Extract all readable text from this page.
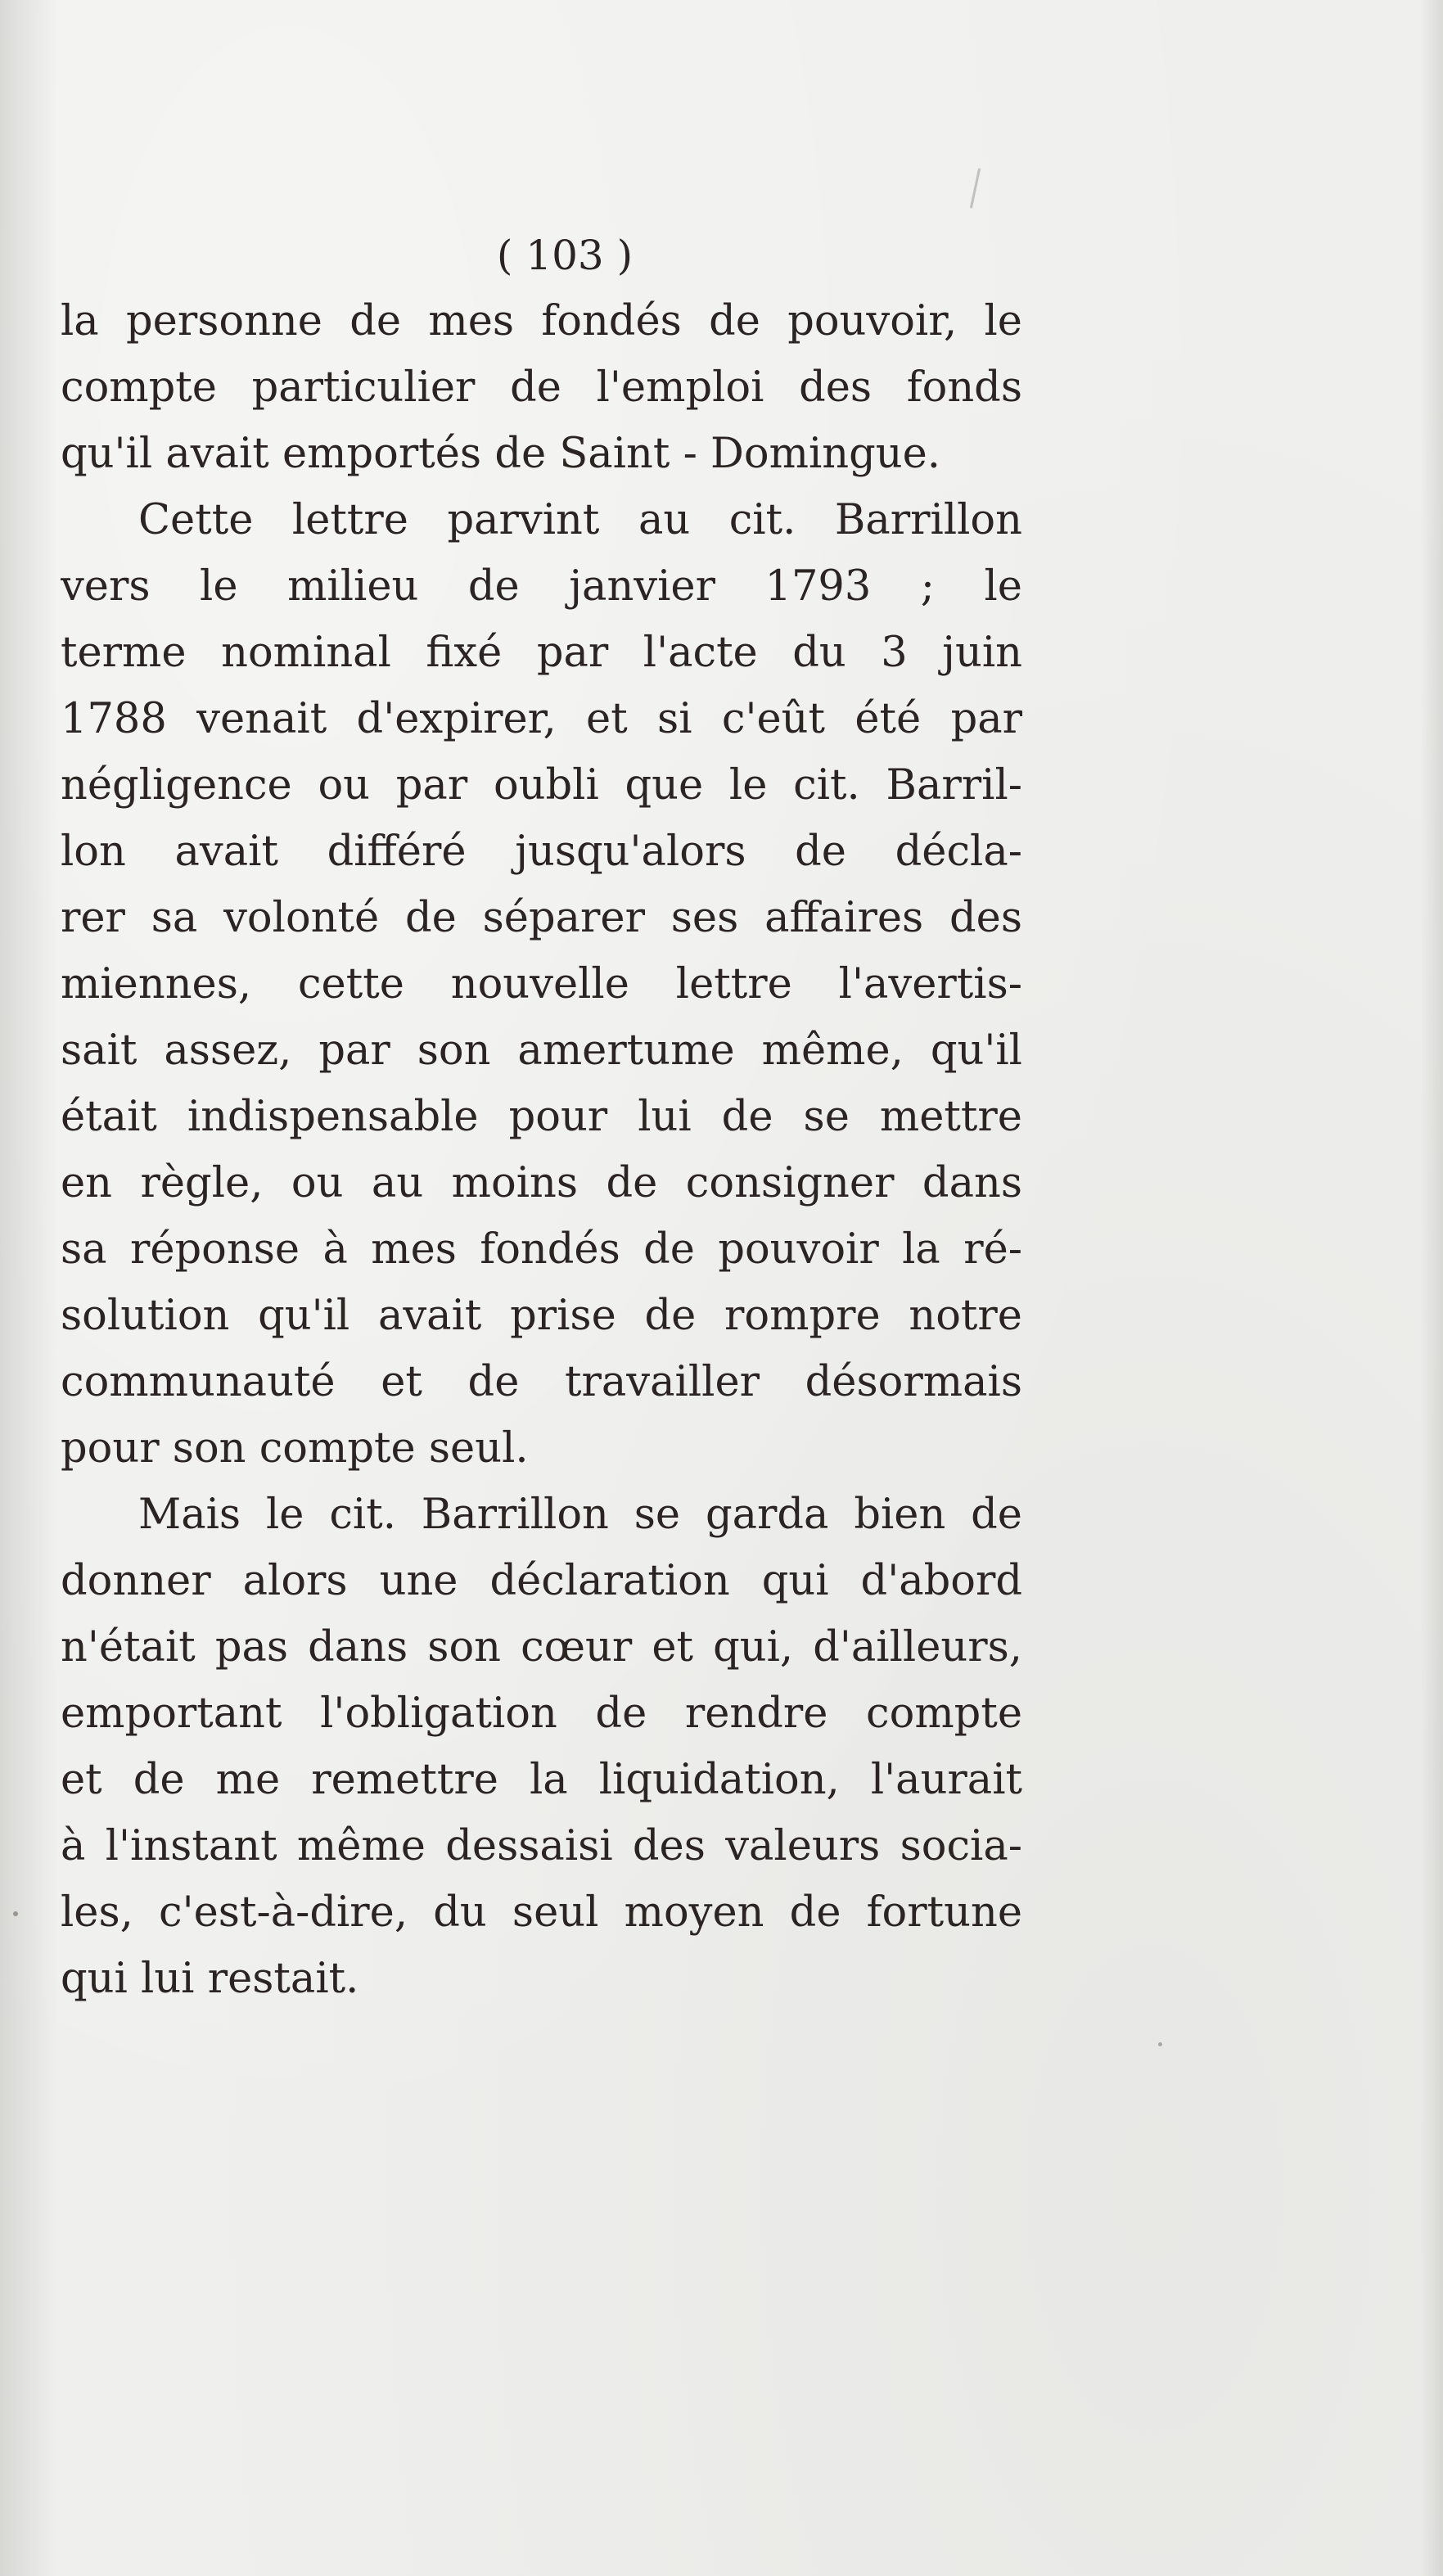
( 103 )
la personne de mes fondés de pouvoir, le
compte particulier de l'emploi des fonds
qu'il avait emportés de Saint - Domingue.
Cette lettre parvint au cit. Barrillon
vers le milieu de janvier 1793 ; le
terme nominal fixé par l'acte du 3 juin
1788 venait d'expirer, et si c'eût été par
négligence ou par oubli que le cit. Barril-
lon avait différé jusqu'alors de décla-
rer sa volonté de séparer ses affaires des
miennes, cette nouvelle lettre l'avertis-
sait assez, par son amertume même, qu'il
était indispensable pour lui de se mettre
en règle, ou au moins de consigner dans
sa réponse à mes fondés de pouvoir la ré-
solution qu'il avait prise de rompre notre
communauté et de travailler désormais
pour son compte seul.
Mais le cit. Barrillon se garda bien de
donner alors une déclaration qui d'abord
n'était pas dans son cœur et qui, d'ailleurs,
emportant l'obligation de rendre compte
et de me remettre la liquidation, l'aurait
à l'instant même dessaisi des valeurs socia-
les, c'est-à-dire, du seul moyen de fortune
qui lui restait.
